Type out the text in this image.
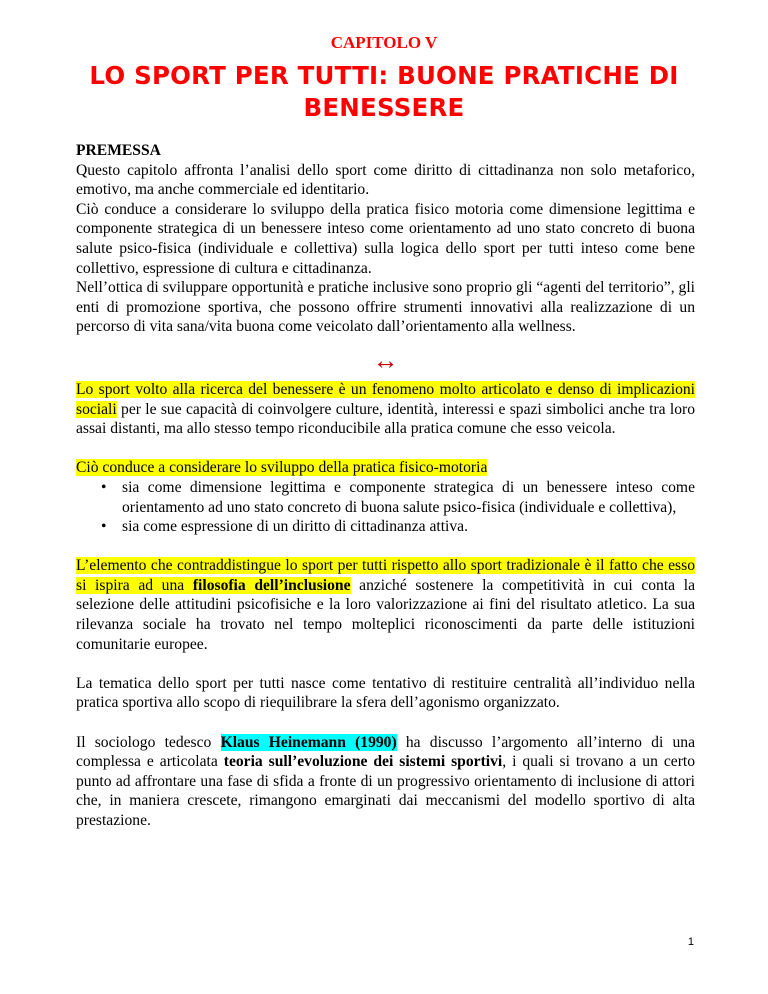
CAPITOLO V
LO SPORT PER TUTTI: BUONE PRATICHE DI BENESSERE
PREMESSA

Questo capitolo affronta l’analisi dello sport come diritto di cittadinanza non solo metaforico, emotivo, ma anche commerciale ed identitario.

Ciò conduce a considerare lo sviluppo della pratica fisico motoria come dimensione legittima e componente strategica di un benessere inteso come orientamento ad uno stato concreto di buona salute psico-fisica (individuale e collettiva) sulla logica dello sport per tutti inteso come bene collettivo, espressione di cultura e cittadinanza.

Nell’ottica di sviluppare opportunità e pratiche inclusive sono proprio gli “agenti del territorio”, gli enti di promozione sportiva, che possono offrire strumenti innovativi alla realizzazione di un percorso di vita sana/vita buona come veicolato dall’orientamento alla wellness.

↔

Lo sport volto alla ricerca del benessere è un fenomeno molto articolato e denso di implicazioni sociali per le sue capacità di coinvolgere culture, identità, interessi e spazi simbolici anche tra loro assai distanti, ma allo stesso tempo riconducibile alla pratica comune che esso veicola.

Ciò conduce a considerare lo sviluppo della pratica fisico-motoria

• sia come dimensione legittima e componente strategica di un benessere inteso come orientamento ad uno stato concreto di buona salute psico-fisica (individuale e collettiva),
• sia come espressione di un diritto di cittadinanza attiva.

L’elemento che contraddistingue lo sport per tutti rispetto allo sport tradizionale è il fatto che esso si ispira ad una filosofia dell’inclusione anziché sostenere la competitività in cui conta la selezione delle attitudini psicofisiche e la loro valorizzazione ai fini del risultato atletico. La sua rilevanza sociale ha trovato nel tempo molteplici riconoscimenti da parte delle istituzioni comunitarie europee.

La tematica dello sport per tutti nasce come tentativo di restituire centralità all’individuo nella pratica sportiva allo scopo di riequilibrare la sfera dell’agonismo organizzato.

Il sociologo tedesco Klaus Heinemann (1990) ha discusso l’argomento all’interno di una complessa e articolata teoria sull’evoluzione dei sistemi sportivi, i quali si trovano a un certo punto ad affrontare una fase di sfida a fronte di un progressivo orientamento di inclusione di attori che, in maniera crescete, rimangono emarginati dai meccanismi del modello sportivo di alta prestazione.

1
